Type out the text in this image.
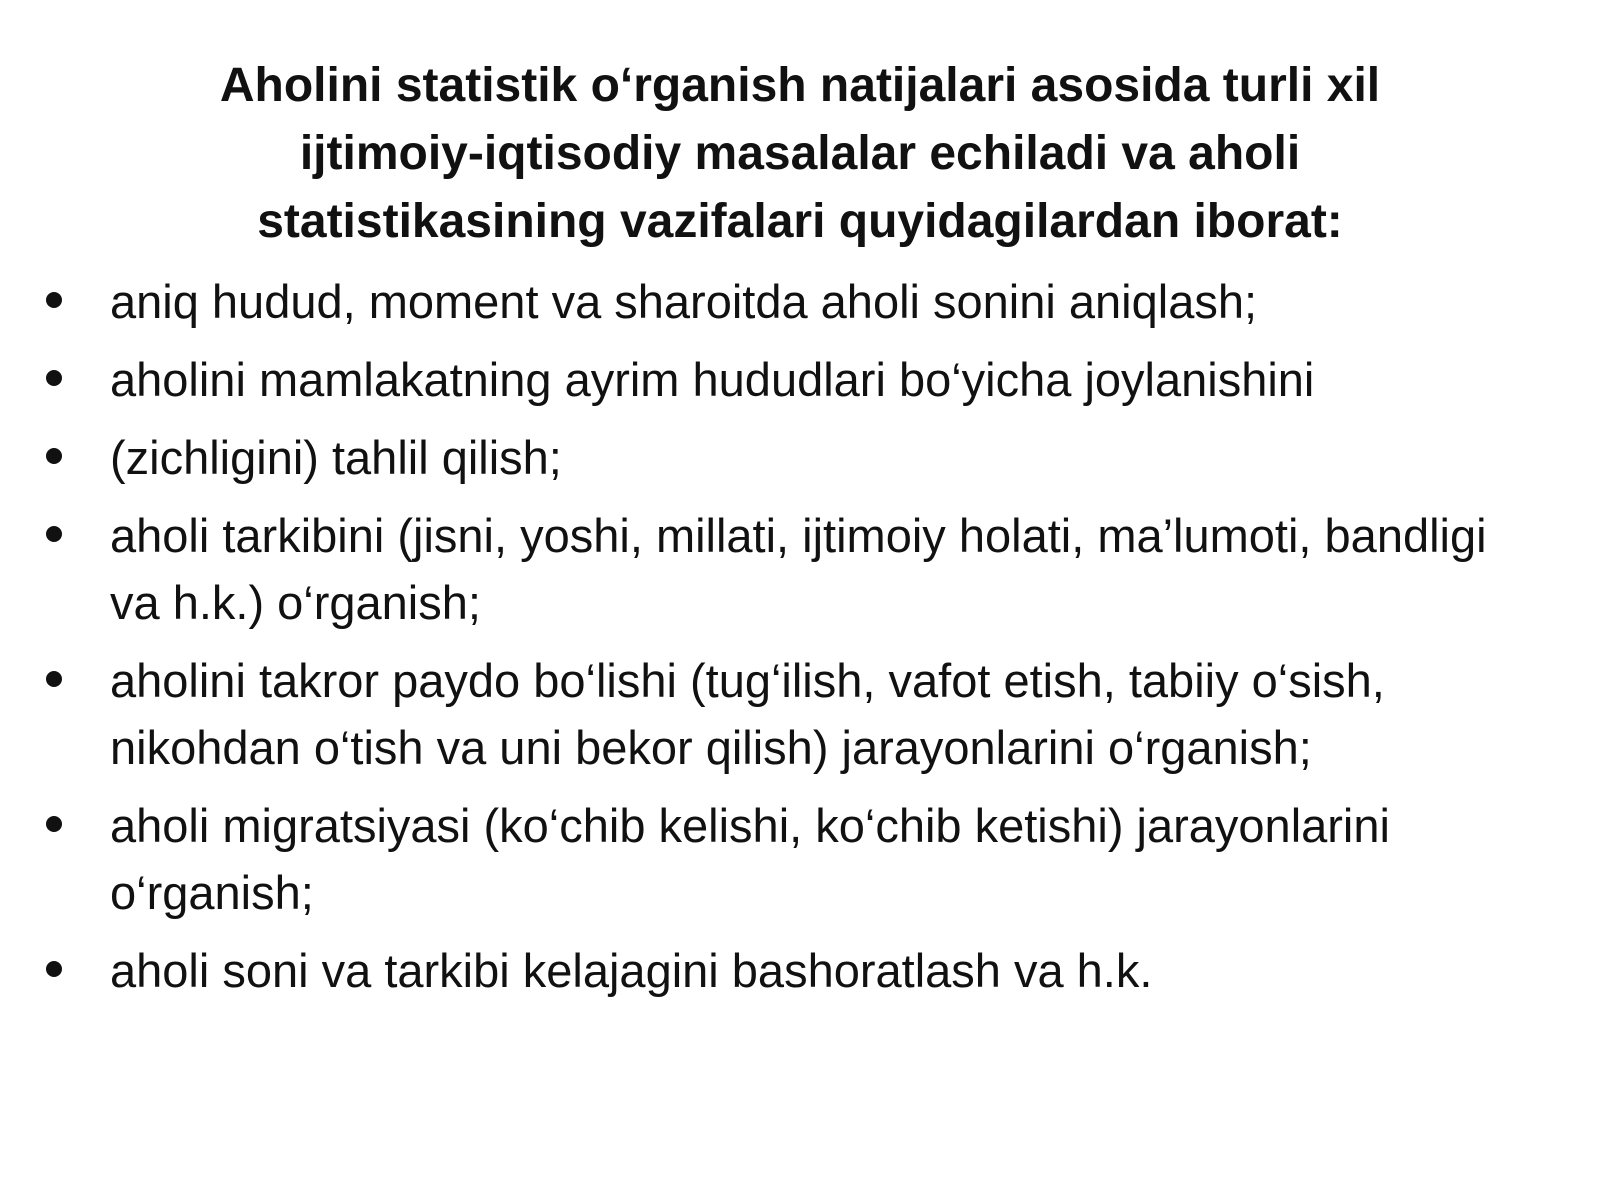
Aholini statistik o‘rganish natijalari asosida turli xil ijtimoiy-iqtisodiy masalalar echiladi va aholi statistikasining vazifalari quyidagilardan iborat:
aniq hudud, moment va sharoitda aholi sonini aniqlash;
aholini mamlakatning ayrim hududlari bo‘yicha joylanishini
(zichligini) tahlil qilish;
aholi tarkibini (jisni, yoshi, millati, ijtimoiy holati, ma’lumoti, bandligi va h.k.) o‘rganish;
aholini takror paydo bo‘lishi (tug‘ilish, vafot etish, tabiiy o‘sish, nikohdan o‘tish va uni bekor qilish) jarayonlarini o‘rganish;
aholi migratsiyasi (ko‘chib kelishi, ko‘chib ketishi) jarayonlarini o‘rganish;
aholi soni va tarkibi kelajagini bashoratlash va h.k.
